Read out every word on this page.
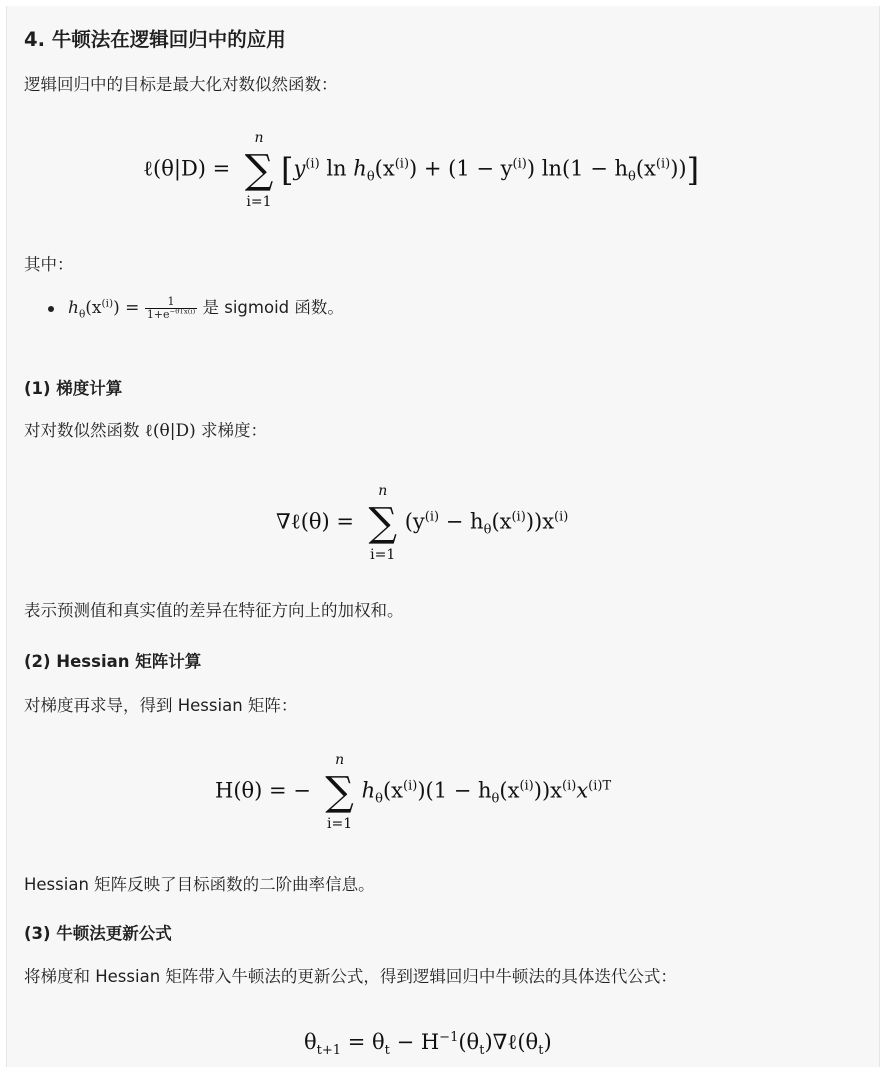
4. 牛顿法在逻辑回归中的应用

逻辑回归中的目标是最大化对数似然函数：

ℓ(θ|D) =
n
∑
i=1
[$y^{(i)}$ $\ln h_\theta(x^{(i)}) + (1 - y^{(i)}) \ln(1 - h_\theta(x^{(i)}))$]

其中：

$h_\theta(x^{(i)}) = \frac{1}{1+e^{-\theta Tx(i)}}$ 是 sigmoid 函数。
(1) 梯度计算

对对数似然函数 ℓ(θ|D) 求梯度：

∇ℓ(θ) =
n
∑
i=1
$(y^{(i)} - h_\theta(x^{(i)}))x^{(i)}$

表示预测值和真实值的差异在特征方向上的加权和。

(2) Hessian 矩阵计算

对梯度再求导，得到 Hessian 矩阵：

H(θ) = −
n
∑
i=1
$h_\theta(x^{(i)})(1 - h_\theta(x^{(i)}))x^{(i)}x^{(i)T}$

Hessian 矩阵反映了目标函数的二阶曲率信息。

(3) 牛顿法更新公式

将梯度和 Hessian 矩阵带入牛顿法的更新公式，得到逻辑回归中牛顿法的具体迭代公式：

$\theta_{t+1} = \theta_t$ − $H^{-1}(\theta_t)\nabla\ell(\theta_t)$
